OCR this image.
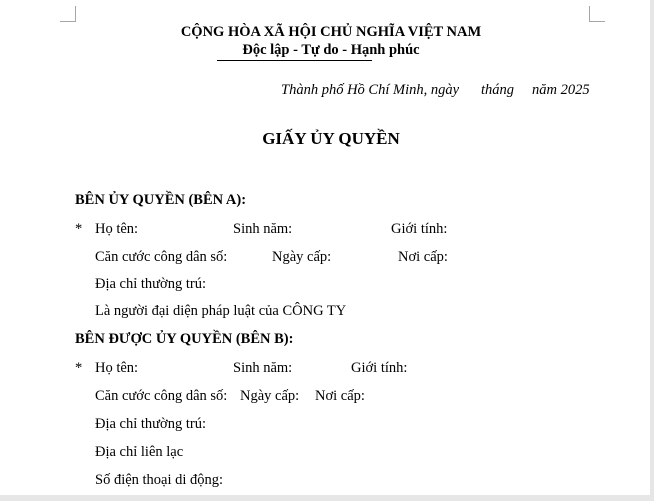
CỘNG HÒA XÃ HỘI CHỦ NGHĨA VIỆT NAM
Độc lập - Tự do - Hạnh phúc
Thành phố Hồ Chí Minh, ngày tháng năm 2025
GIẤY ỦY QUYỀN
BÊN ỦY QUYỀN (BÊN A):
* Họ tên:	Sinh năm:	Giới tính:
Căn cước công dân số:	Ngày cấp:	Nơi cấp:
Địa chỉ thường trú:
Là người đại diện pháp luật của CÔNG TY
BÊN ĐƯỢC ỦY QUYỀN (BÊN B):
* Họ tên:	Sinh năm:	Giới tính:
Căn cước công dân số: Ngày cấp: Nơi cấp:
Địa chỉ thường trú:
Địa chỉ liên lạc
Số điện thoại di động:
